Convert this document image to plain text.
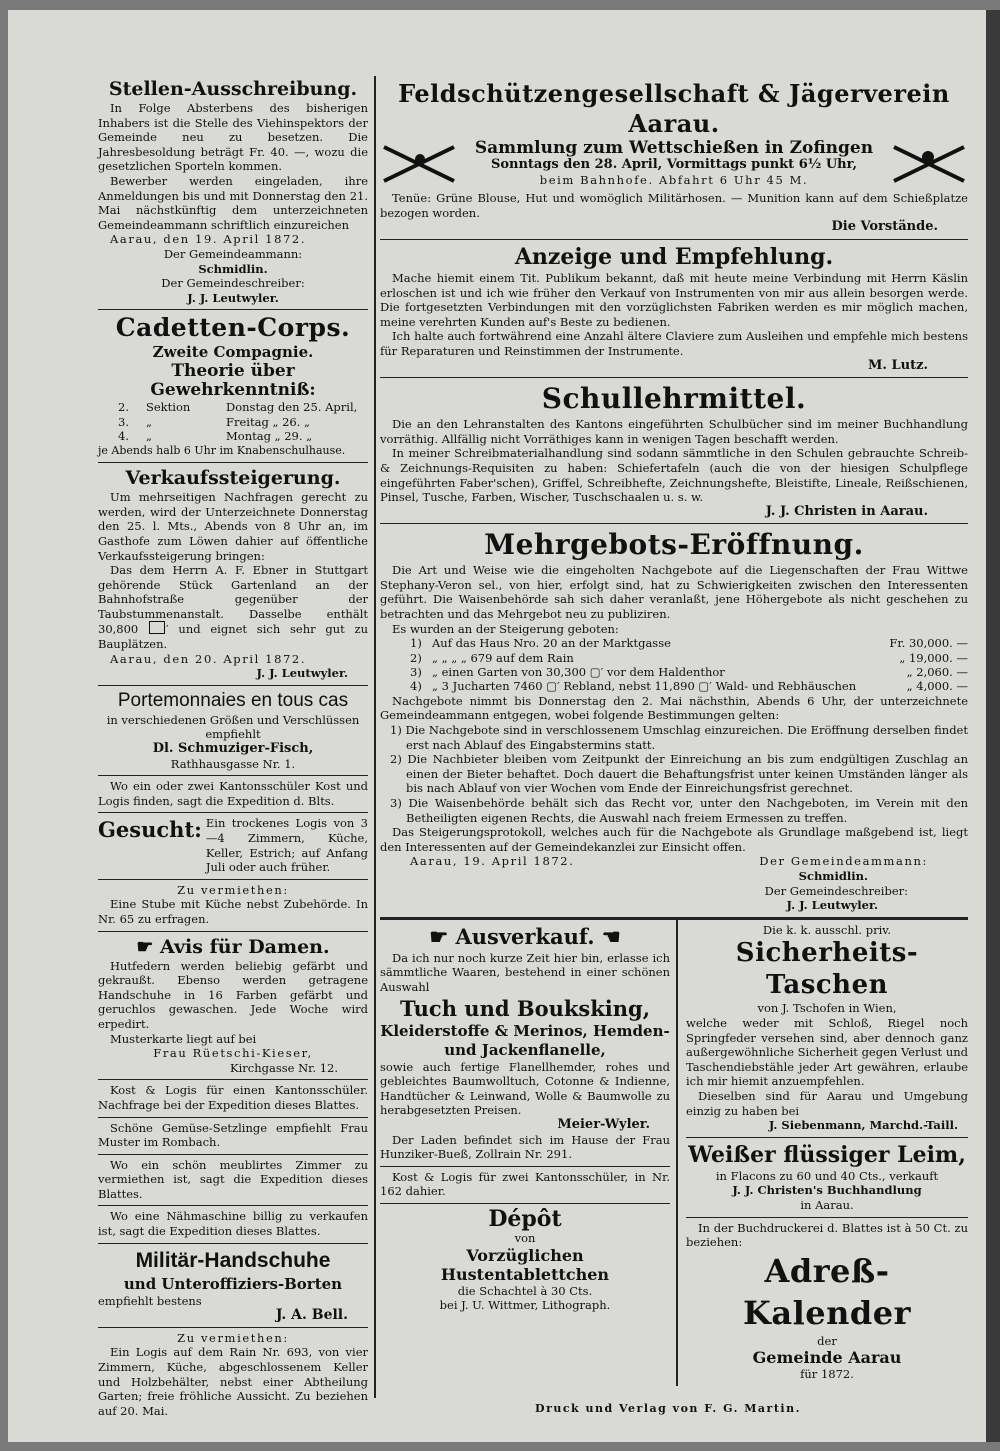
Stellen-Ausschreibung.

In Folge Absterbens des bisherigen Inhabers ist die Stelle des Viehinspektors der Gemeinde neu zu besetzen. Die Jahresbesoldung beträgt Fr. 40. —, wozu die gesetzlichen Sporteln kommen.

Bewerber werden eingeladen, ihre Anmeldungen bis und mit Donnerstag den 21. Mai nächstkünftig dem unterzeichneten Gemeindeammann schriftlich einzureichen

Aarau, den 19. April 1872.

Der Gemeindeammann:

Schmidlin.

Der Gemeindeschreiber:

J. J. Leutwyler.

Cadetten-Corps.

Zweite Compagnie.

Theorie über Gewehrkenntniß:

2.	Sektion	Donstag den 25. April,
3.	„	Freitag „ 26. „
4.	„	Montag „ 29. „

je Abends halb 6 Uhr im Knabenschulhause.

Verkaufssteigerung.

Um mehrseitigen Nachfragen gerecht zu werden, wird der Unterzeichnete Donnerstag den 25. l. Mts., Abends von 8 Uhr an, im Gasthofe zum Löwen dahier auf öffentliche Verkaufssteigerung bringen:

Das dem Herrn A. F. Ebner in Stuttgart gehörende Stück Gartenland an der Bahnhofstraße gegenüber der Taubstummenanstalt. Dasselbe enthält 30,800 ′ und eignet sich sehr gut zu Bauplätzen.

Aarau, den 20. April 1872.

J. J. Leutwyler.

Portemonnaies en tous cas

in verschiedenen Größen und Verschlüssen empfiehlt

Dl. Schmuziger-Fisch,

Rathhausgasse Nr. 1.

Wo ein oder zwei Kantonsschüler Kost und Logis finden, sagt die Expedition d. Blts.

Gesucht: Ein trockenes Logis von 3—4 Zimmern, Küche, Keller, Estrich; auf Anfang Juli oder auch früher.

Zu vermiethen:

Eine Stube mit Küche nebst Zubehörde. In Nr. 65 zu erfragen.

☛ Avis für Damen.

Hutfedern werden beliebig gefärbt und gekraußt. Ebenso werden getragene Handschuhe in 16 Farben gefärbt und geruchlos gewaschen. Jede Woche wird erpedirt.

Musterkarte liegt auf bei

Frau Rüetschi-Kieser,

Kirchgasse Nr. 12.

Kost & Logis für einen Kantonsschüler. Nachfrage bei der Expedition dieses Blattes.

Schöne Gemüse-Setzlinge empfiehlt Frau Muster im Rombach.

Wo ein schön meublirtes Zimmer zu vermiethen ist, sagt die Expedition dieses Blattes.

Wo eine Nähmaschine billig zu verkaufen ist, sagt die Expedition dieses Blattes.

Militär-Handschuhe

und Unteroffiziers-Borten

empfiehlt bestens

J. A. Bell.

Zu vermiethen:

Ein Logis auf dem Rain Nr. 693, von vier Zimmern, Küche, abgeschlossenem Keller und Holzbehälter, nebst einer Abtheilung Garten; freie fröhliche Aussicht. Zu beziehen auf 20. Mai.

Feldschützengesellschaft & Jägerverein Aarau.

Sammlung zum Wettschießen in Zofingen

Sonntags den 28. April, Vormittags punkt 6½ Uhr,

beim Bahnhofe. Abfahrt 6 Uhr 45 M.

Tenüe: Grüne Blouse, Hut und womöglich Militärhosen. — Munition kann auf dem Schießplatze bezogen worden.

Die Vorstände.

Anzeige und Empfehlung.

Mache hiemit einem Tit. Publikum bekannt, daß mit heute meine Verbindung mit Herrn Käslin erloschen ist und ich wie früher den Verkauf von Instrumenten von mir aus allein besorgen werde. Die fortgesetzten Verbindungen mit den vorzüglichsten Fabriken werden es mir möglich machen, meine verehrten Kunden auf's Beste zu bedienen.

Ich halte auch fortwährend eine Anzahl ältere Claviere zum Ausleihen und empfehle mich bestens für Reparaturen und Reinstimmen der Instrumente.

M. Lutz.

Schullehrmittel.

Die an den Lehranstalten des Kantons eingeführten Schulbücher sind im meiner Buchhandlung vorräthig. Allfällig nicht Vorräthiges kann in wenigen Tagen beschafft werden.

In meiner Schreibmaterialhandlung sind sodann sämmtliche in den Schulen gebrauchte Schreib- & Zeichnungs-Requisiten zu haben: Schiefertafeln (auch die von der hiesigen Schulpflege eingeführten Faber'schen), Griffel, Schreibhefte, Zeichnungshefte, Bleistifte, Lineale, Reißschienen, Pinsel, Tusche, Farben, Wischer, Tuschschaalen u. s. w.

J. J. Christen in Aarau.

Mehrgebots-Eröffnung.

Die Art und Weise wie die eingeholten Nachgebote auf die Liegenschaften der Frau Wittwe Stephany-Veron sel., von hier, erfolgt sind, hat zu Schwierigkeiten zwischen den Interessenten geführt. Die Waisenbehörde sah sich daher veranlaßt, jene Höhergebote als nicht geschehen zu betrachten und das Mehrgebot neu zu publiziren.

Es wurden an der Steigerung geboten:

1) Auf das Haus Nro. 20 an der Marktgasse	Fr. 30,000. —
2) „ „ „ „ 679 auf dem Rain	„ 19,000. —
3) „ einen Garten von 30,300 ▢′ vor dem Haldenthor	„ 2,060. —
4) „ 3 Jucharten 7460 ▢′ Rebland, nebst 11,890 ▢′ Wald- und Rebhäuschen	„ 4,000. —

Nachgebote nimmt bis Donnerstag den 2. Mai nächsthin, Abends 6 Uhr, der unterzeichnete Gemeindeammann entgegen, wobei folgende Bestimmungen gelten:

1) Die Nachgebote sind in verschlossenem Umschlag einzureichen. Die Eröffnung derselben findet erst nach Ablauf des Eingabstermins statt.

2) Die Nachbieter bleiben vom Zeitpunkt der Einreichung an bis zum endgültigen Zuschlag an einen der Bieter behaftet. Doch dauert die Behaftungsfrist unter keinen Umständen länger als bis nach Ablauf von vier Wochen vom Ende der Einreichungsfrist gerechnet.

3) Die Waisenbehörde behält sich das Recht vor, unter den Nachgeboten, im Verein mit den Betheiligten eigenen Rechts, die Auswahl nach freiem Ermessen zu treffen.

Das Steigerungsprotokoll, welches auch für die Nachgebote als Grundlage maßgebend ist, liegt den Interessenten auf der Gemeindekanzlei zur Einsicht offen.

Aarau, 19. April 1872.	Der Gemeindeammann:

Schmidlin.

Der Gemeindeschreiber:

J. J. Leutwyler.

☛ Ausverkauf. ☚

Da ich nur noch kurze Zeit hier bin, erlasse ich sämmtliche Waaren, bestehend in einer schönen Auswahl

Tuch und Bouksking,

Kleiderstoffe & Merinos, Hemden- und Jackenflanelle,

sowie auch fertige Flanellhemder, rohes und gebleichtes Baumwolltuch, Cotonne & Indienne, Handtücher & Leinwand, Wolle & Baumwolle zu herabgesetzten Preisen.

Meier-Wyler.

Der Laden befindet sich im Hause der Frau Hunziker-Bueß, Zollrain Nr. 291.

Kost & Logis für zwei Kantonsschüler, in Nr. 162 dahier.

Dépôt

von

Vorzüglichen Hustentablettchen

die Schachtel à 30 Cts.

bei J. U. Wittmer, Lithograph.

Die k. k. ausschl. priv.

Sicherheits-Taschen

von J. Tschofen in Wien,

welche weder mit Schloß, Riegel noch Springfeder versehen sind, aber dennoch ganz außergewöhnliche Sicherheit gegen Verlust und Taschendiebstähle jeder Art gewähren, erlaube ich mir hiemit anzuempfehlen.

Dieselben sind für Aarau und Umgebung einzig zu haben bei

J. Siebenmann, Marchd.-Taill.

Weißer flüssiger Leim,

in Flacons zu 60 und 40 Cts., verkauft

J. J. Christen's Buchhandlung

in Aarau.

In der Buchdruckerei d. Blattes ist à 50 Ct. zu beziehen:

Adreß-Kalender

der

Gemeinde Aarau

für 1872.

Druck und Verlag von F. G. Martin.
